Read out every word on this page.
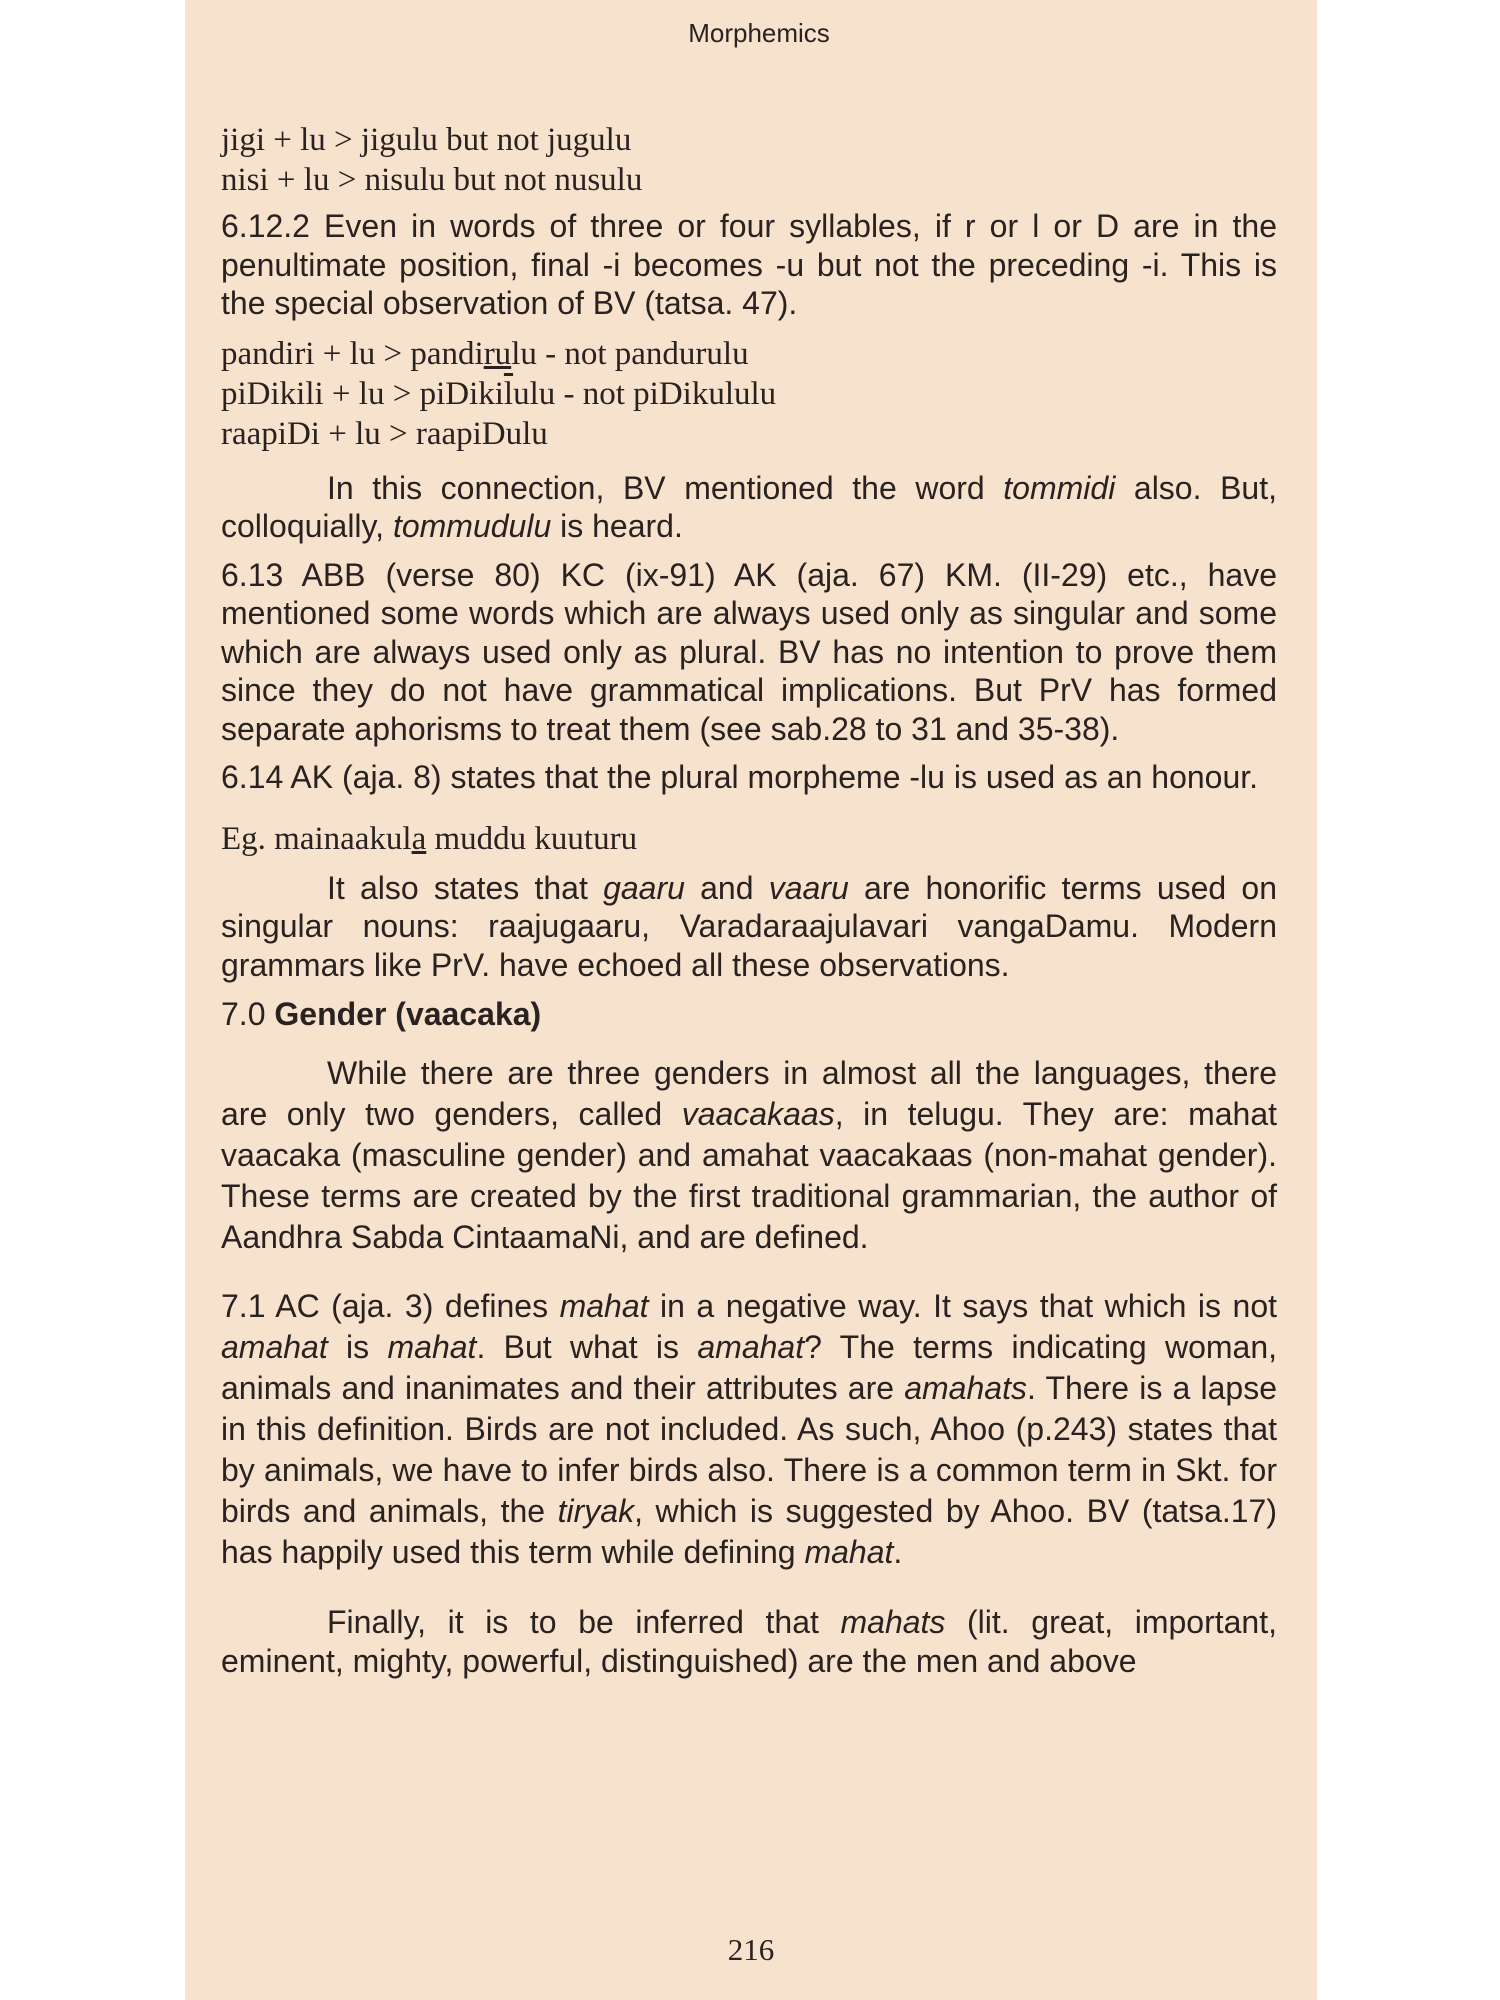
Morphemics

jigi + lu > jigulu but not jugulu

nisi + lu > nisulu but not nusulu

6.12.2 Even in words of three or four syllables, if r or l or D are in the penultimate position, final -i becomes -u but not the preceding -i. This is the special observation of BV (tatsa. 47).

pandiri + lu > pandirulu - not pandurulu

piDikili + lu > $piDiki\overline{l}ulu$ - not piDikululu

raapiDi + lu > raapiDulu

In this connection, BV mentioned the word tommidi also. But, colloquially, tommudulu is heard.

6.13 ABB (verse 80) KC (ix-91) AK (aja. 67) KM. (II-29) etc., have mentioned some words which are always used only as singular and some which are always used only as plural. BV has no intention to prove them since they do not have grammatical implications. But PrV has formed separate aphorisms to treat them (see sab.28 to 31 and 35-38).

6.14 AK (aja. 8) states that the plural morpheme -lu is used as an honour.

Eg. mainaakula muddu kuuturu

It also states that gaaru and vaaru are honorific terms used on singular nouns: raajugaaru, Varadaraajulavari vangaDamu. Modern grammars like PrV. have echoed all these observations.

7.0 Gender (vaacaka)

While there are three genders in almost all the languages, there are only two genders, called vaacakaas, in telugu. They are: mahat vaacaka (masculine gender) and amahat vaacakaas (non-mahat gender). These terms are created by the first traditional grammarian, the author of Aandhra Sabda CintaamaNi, and are defined.

7.1 AC (aja. 3) defines mahat in a negative way. It says that which is not amahat is mahat. But what is amahat? The terms indicating woman, animals and inanimates and their attributes are amahats. There is a lapse in this definition. Birds are not included. As such, Ahoo (p.243) states that by animals, we have to infer birds also. There is a common term in Skt. for birds and animals, the tiryak, which is suggested by Ahoo. BV (tatsa.17) has happily used this term while defining mahat.

Finally, it is to be inferred that mahats (lit. great, important, eminent, mighty, powerful, distinguished) are the men and above

216
